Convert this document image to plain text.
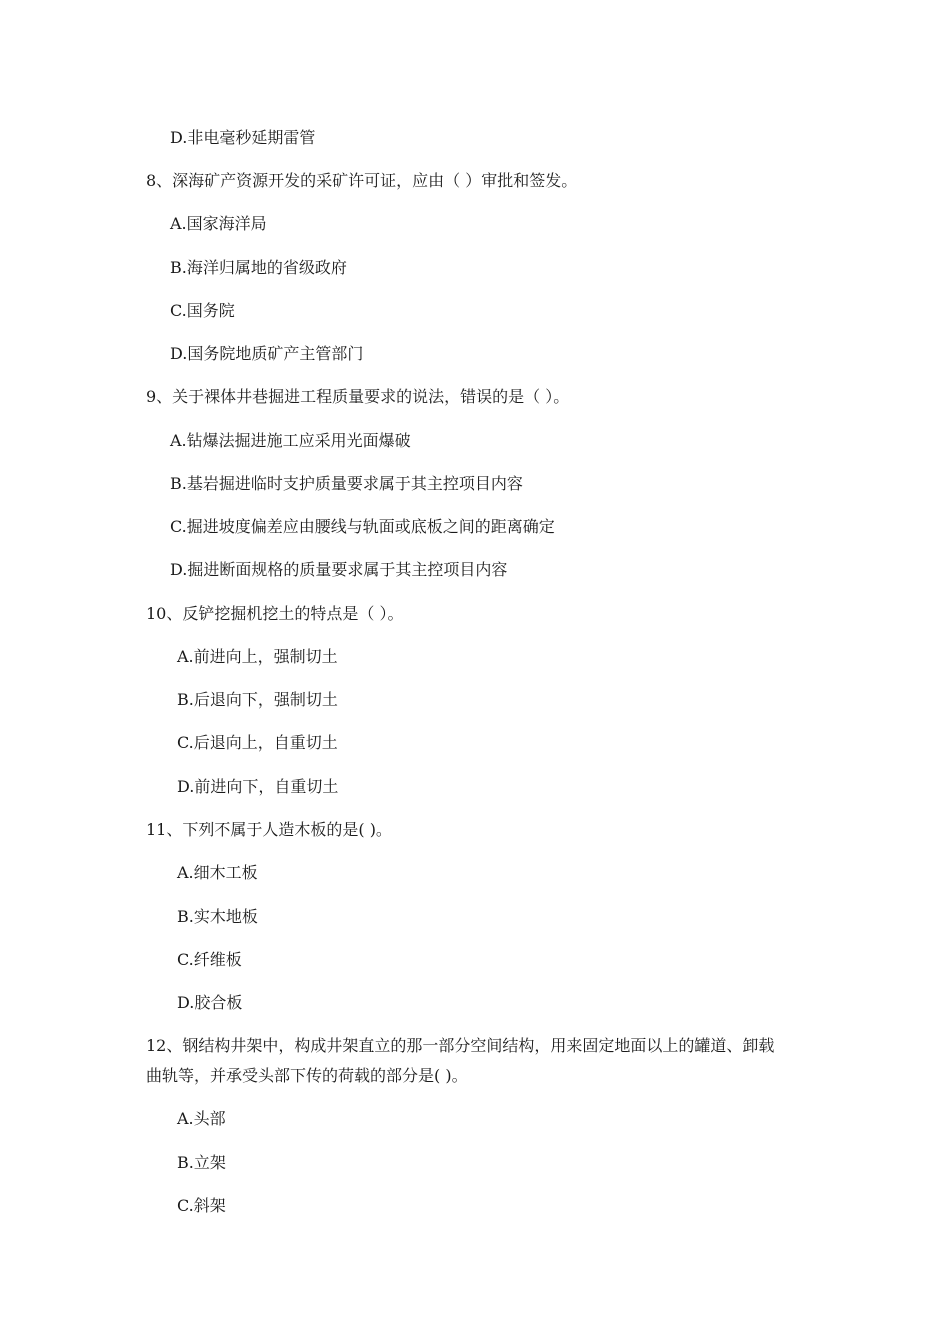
D.非电毫秒延期雷管
8、深海矿产资源开发的采矿许可证，应由（ ）审批和签发。
A.国家海洋局
B.海洋归属地的省级政府
C.国务院
D.国务院地质矿产主管部门
9、关于裸体井巷掘进工程质量要求的说法，错误的是（ ）。
A.钻爆法掘进施工应采用光面爆破
B.基岩掘进临时支护质量要求属于其主控项目内容
C.掘进坡度偏差应由腰线与轨面或底板之间的距离确定
D.掘进断面规格的质量要求属于其主控项目内容
10、反铲挖掘机挖土的特点是（ ）。
A.前进向上，强制切土
B.后退向下，强制切土
C.后退向上，自重切土
D.前进向下，自重切土
11、下列不属于人造木板的是( )。
A.细木工板
B.实木地板
C.纤维板
D.胶合板
12、钢结构井架中，构成井架直立的那一部分空间结构，用来固定地面以上的罐道、卸载
曲轨等，并承受头部下传的荷载的部分是( )。
A.头部
B.立架
C.斜架
